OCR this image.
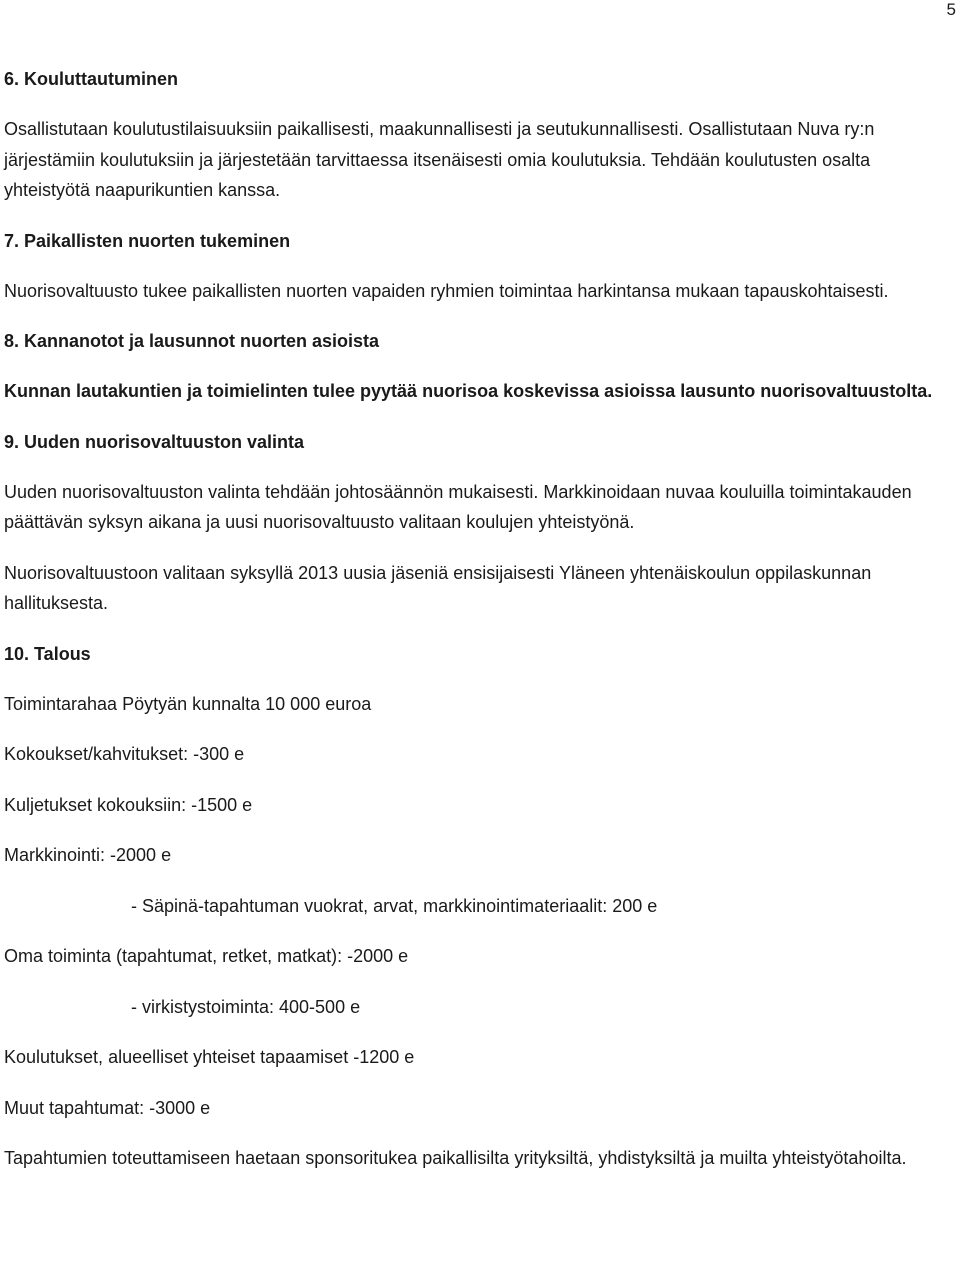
5
6. Kouluttautuminen
Osallistutaan koulutustilaisuuksiin paikallisesti, maakunnallisesti ja seutukunnallisesti. Osallistutaan Nuva ry:n järjestämiin koulutuksiin ja järjestetään tarvittaessa itsenäisesti omia koulutuksia. Tehdään koulutusten osalta yhteistyötä naapurikuntien kanssa.
7. Paikallisten nuorten tukeminen
Nuorisovaltuusto tukee paikallisten nuorten vapaiden ryhmien toimintaa harkintansa mukaan tapauskohtaisesti.
8. Kannanotot ja lausunnot nuorten asioista
Kunnan lautakuntien ja toimielinten tulee pyytää nuorisoa koskevissa asioissa lausunto nuorisovaltuustolta.
9. Uuden nuorisovaltuuston valinta
Uuden nuorisovaltuuston valinta tehdään johtosäännön mukaisesti. Markkinoidaan nuvaa kouluilla toimintakauden päättävän syksyn aikana ja uusi nuorisovaltuusto valitaan koulujen yhteistyönä.
Nuorisovaltuustoon valitaan syksyllä 2013 uusia jäseniä ensisijaisesti Yläneen yhtenäiskoulun oppilaskunnan hallituksesta.
10. Talous
Toimintarahaa Pöytyän kunnalta 10 000 euroa
Kokoukset/kahvitukset: -300 e
Kuljetukset kokouksiin: -1500 e
Markkinointi: -2000 e
- Säpinä-tapahtuman vuokrat, arvat, markkinointimateriaalit: 200 e
Oma toiminta (tapahtumat, retket, matkat): -2000 e
- virkistystoiminta: 400-500 e
Koulutukset, alueelliset yhteiset tapaamiset -1200 e
Muut tapahtumat: -3000 e
Tapahtumien toteuttamiseen haetaan sponsoritukea paikallisilta yrityksiltä, yhdistyksiltä ja muilta yhteistyötahoilta.
